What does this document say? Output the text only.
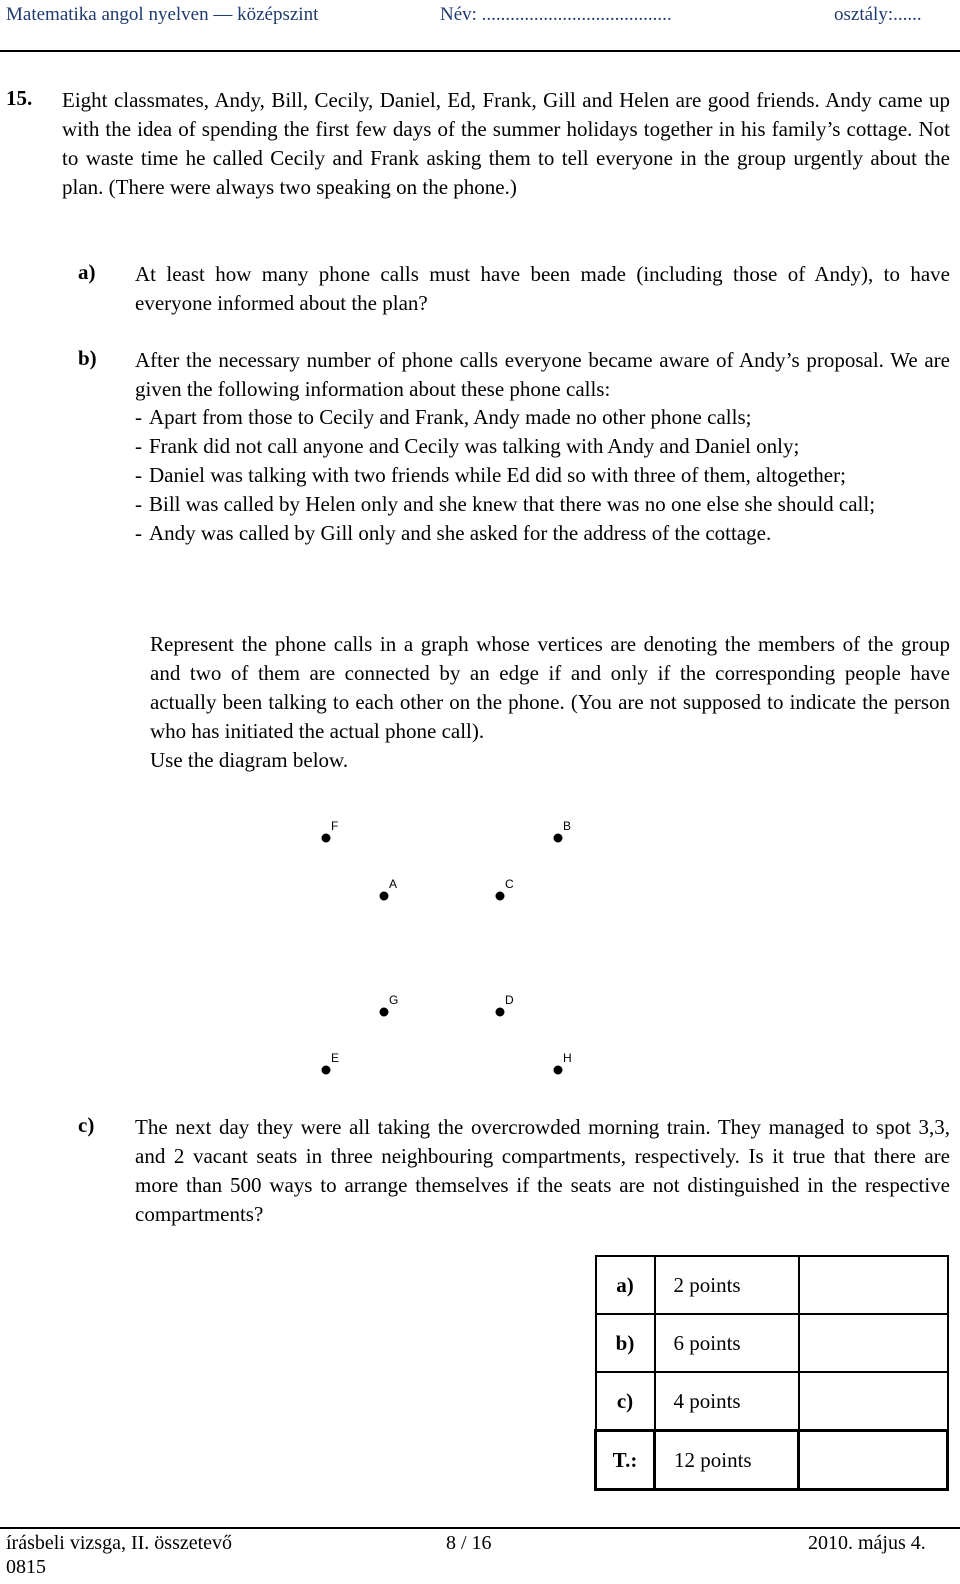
Matematika angol nyelven — középszint	Név: ........................................	osztály:......
15. Eight classmates, Andy, Bill, Cecily, Daniel, Ed, Frank, Gill and Helen are good friends. Andy came up with the idea of spending the first few days of the summer holidays together in his family’s cottage. Not to waste time he called Cecily and Frank asking them to tell everyone in the group urgently about the plan. (There were always two speaking on the phone.)
a) At least how many phone calls must have been made (including those of Andy), to have everyone informed about the plan?
b) After the necessary number of phone calls everyone became aware of Andy’s proposal. We are given the following information about these phone calls:
- Apart from those to Cecily and Frank, Andy made no other phone calls;
- Frank did not call anyone and Cecily was talking with Andy and Daniel only;
- Daniel was talking with two friends while Ed did so with three of them, altogether;
- Bill was called by Helen only and she knew that there was no one else she should call;
- Andy was called by Gill only and she asked for the address of the cottage.
Represent the phone calls in a graph whose vertices are denoting the members of the group and two of them are connected by an edge if and only if the corresponding people have actually been talking to each other on the phone. (You are not supposed to indicate the person who has initiated the actual phone call).
Use the diagram below.
F	B
A	C
G	D
E	H
c) The next day they were all taking the overcrowded morning train. They managed to spot 3,3, and 2 vacant seats in three neighbouring compartments, respectively. Is it true that there are more than 500 ways to arrange themselves if the seats are not distinguished in the respective compartments?
a)	2 points	
b)	6 points	
c)	4 points	
T.:	12 points	
írásbeli vizsga, II. összetevő	8 / 16	2010. május 4.
0815
